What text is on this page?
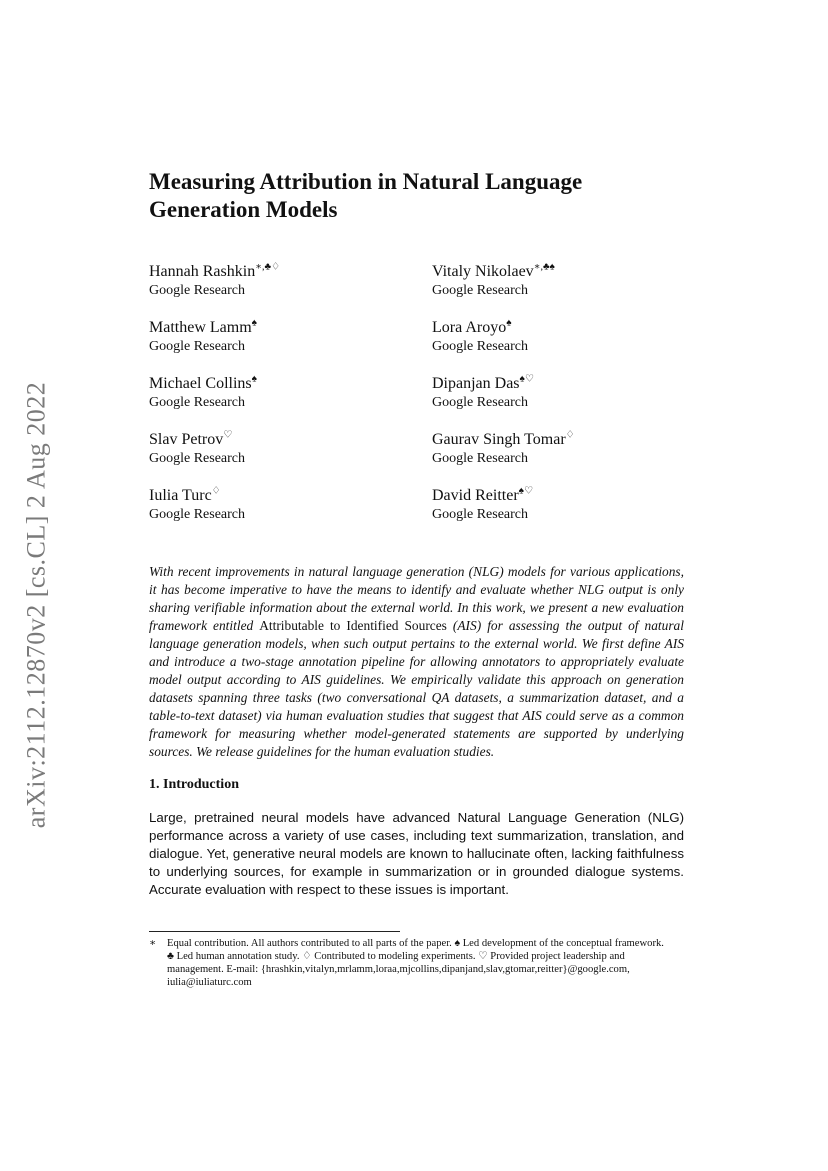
arXiv:2112.12870v2 [cs.CL] 2 Aug 2022
Measuring Attribution in Natural Language
Generation Models
Hannah Rashkin∗,♣♢
Google Research
Vitaly Nikolaev∗,♣♠
Google Research
Matthew Lamm♠
Google Research
Lora Aroyo♠
Google Research
Michael Collins♠
Google Research
Dipanjan Das♠♡
Google Research
Slav Petrov♡
Google Research
Gaurav Singh Tomar♢
Google Research
Iulia Turc♢
Google Research
David Reitter♠♡
Google Research

With recent improvements in natural language generation (NLG) models for various applications, it has become imperative to have the means to identify and evaluate whether NLG output is only sharing verifiable information about the external world. In this work, we present a new evaluation framework entitled Attributable to Identified Sources (AIS) for assessing the output of natural language generation models, when such output pertains to the external world. We first define AIS and introduce a two-stage annotation pipeline for allowing annotators to appropriately evaluate model output according to AIS guidelines. We empirically validate this approach on generation datasets spanning three tasks (two conversational QA datasets, a summarization dataset, and a table-to-text dataset) via human evaluation studies that suggest that AIS could serve as a common framework for measuring whether model-generated statements are supported by underlying sources. We release guidelines for the human evaluation studies.

1. Introduction

Large, pretrained neural models have advanced Natural Language Generation (NLG) performance across a variety of use cases, including text summarization, translation, and dialogue. Yet, generative neural models are known to hallucinate often, lacking faithfulness to underlying sources, for example in summarization or in grounded dialogue systems. Accurate evaluation with respect to these issues is important.

∗ Equal contribution. All authors contributed to all parts of the paper. ♠ Led development of the conceptual framework. ♣ Led human annotation study. ♢ Contributed to modeling experiments. ♡ Provided project leadership and management. E-mail: {hrashkin,vitalyn,mrlamm,loraa,mjcollins,dipanjand,slav,gtomar,reitter}@google.com, iulia@iuliaturc.com
